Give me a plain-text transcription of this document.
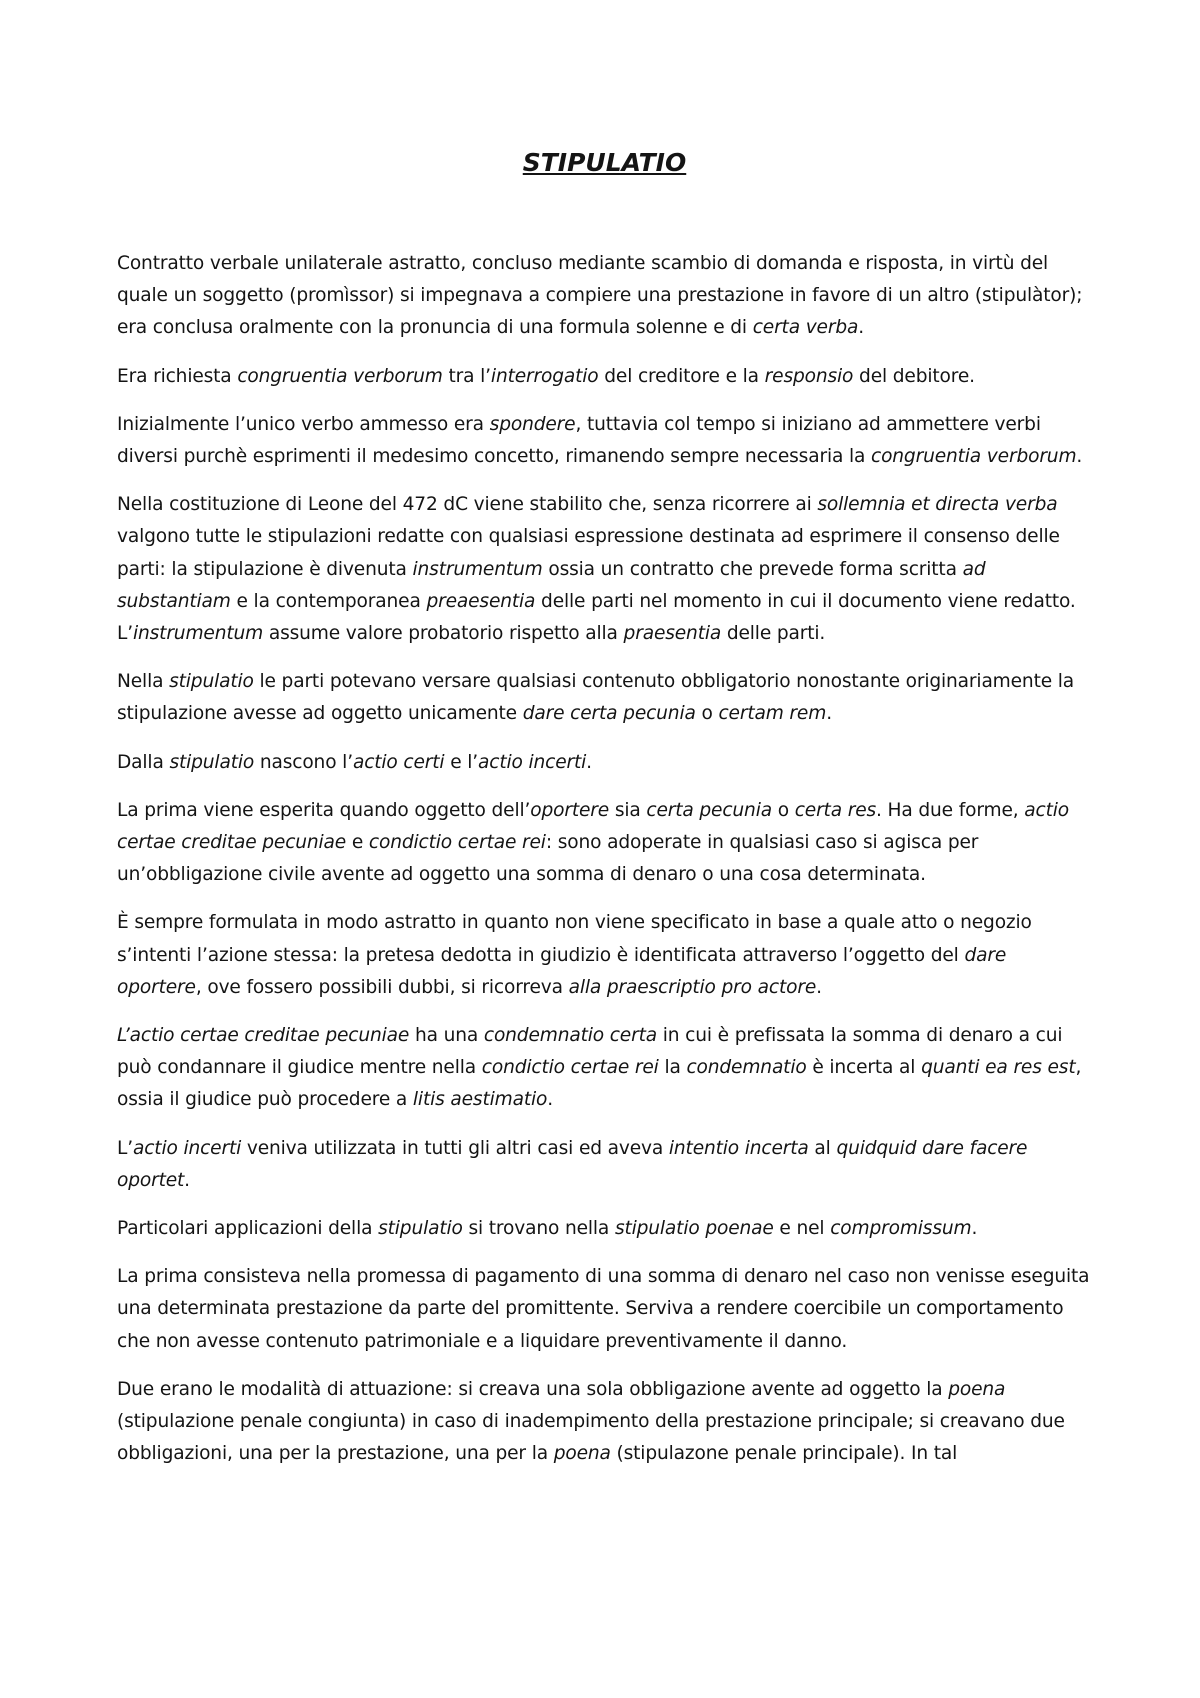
STIPULATIO

Contratto verbale unilaterale astratto, concluso mediante scambio di domanda e risposta, in virtù del quale un soggetto (promìssor) si impegnava a compiere una prestazione in favore di un altro (stipulàtor); era conclusa oralmente con la pronuncia di una formula solenne e di certa verba.

Era richiesta congruentia verborum tra l’interrogatio del creditore e la responsio del debitore.

Inizialmente l’unico verbo ammesso era spondere, tuttavia col tempo si iniziano ad ammettere verbi diversi purchè esprimenti il medesimo concetto, rimanendo sempre necessaria la congruentia verborum.

Nella costituzione di Leone del 472 dC viene stabilito che, senza ricorrere ai sollemnia et directa verba valgono tutte le stipulazioni redatte con qualsiasi espressione destinata ad esprimere il consenso delle parti: la stipulazione è divenuta instrumentum ossia un contratto che prevede forma scritta ad substantiam e la contemporanea preaesentia delle parti nel momento in cui il documento viene redatto. L’instrumentum assume valore probatorio rispetto alla praesentia delle parti.

Nella stipulatio le parti potevano versare qualsiasi contenuto obbligatorio nonostante originariamente la stipulazione avesse ad oggetto unicamente dare certa pecunia o certam rem.

Dalla stipulatio nascono l’actio certi e l’actio incerti.

La prima viene esperita quando oggetto dell’oportere sia certa pecunia o certa res. Ha due forme, actio certae creditae pecuniae e condictio certae rei: sono adoperate in qualsiasi caso si agisca per un’obbligazione civile avente ad oggetto una somma di denaro o una cosa determinata.

È sempre formulata in modo astratto in quanto non viene specificato in base a quale atto o negozio s’intenti l’azione stessa: la pretesa dedotta in giudizio è identificata attraverso l’oggetto del dare oportere, ove fossero possibili dubbi, si ricorreva alla praescriptio pro actore.

L’actio certae creditae pecuniae ha una condemnatio certa in cui è prefissata la somma di denaro a cui può condannare il giudice mentre nella condictio certae rei la condemnatio è incerta al quanti ea res est, ossia il giudice può procedere a litis aestimatio.

L’actio incerti veniva utilizzata in tutti gli altri casi ed aveva intentio incerta al quidquid dare facere oportet.

Particolari applicazioni della stipulatio si trovano nella stipulatio poenae e nel compromissum.

La prima consisteva nella promessa di pagamento di una somma di denaro nel caso non venisse eseguita una determinata prestazione da parte del promittente. Serviva a rendere coercibile un comportamento che non avesse contenuto patrimoniale e a liquidare preventivamente il danno.

Due erano le modalità di attuazione: si creava una sola obbligazione avente ad oggetto la poena (stipulazione penale congiunta) in caso di inadempimento della prestazione principale; si creavano due obbligazioni, una per la prestazione, una per la poena (stipulazone penale principale). In tal
